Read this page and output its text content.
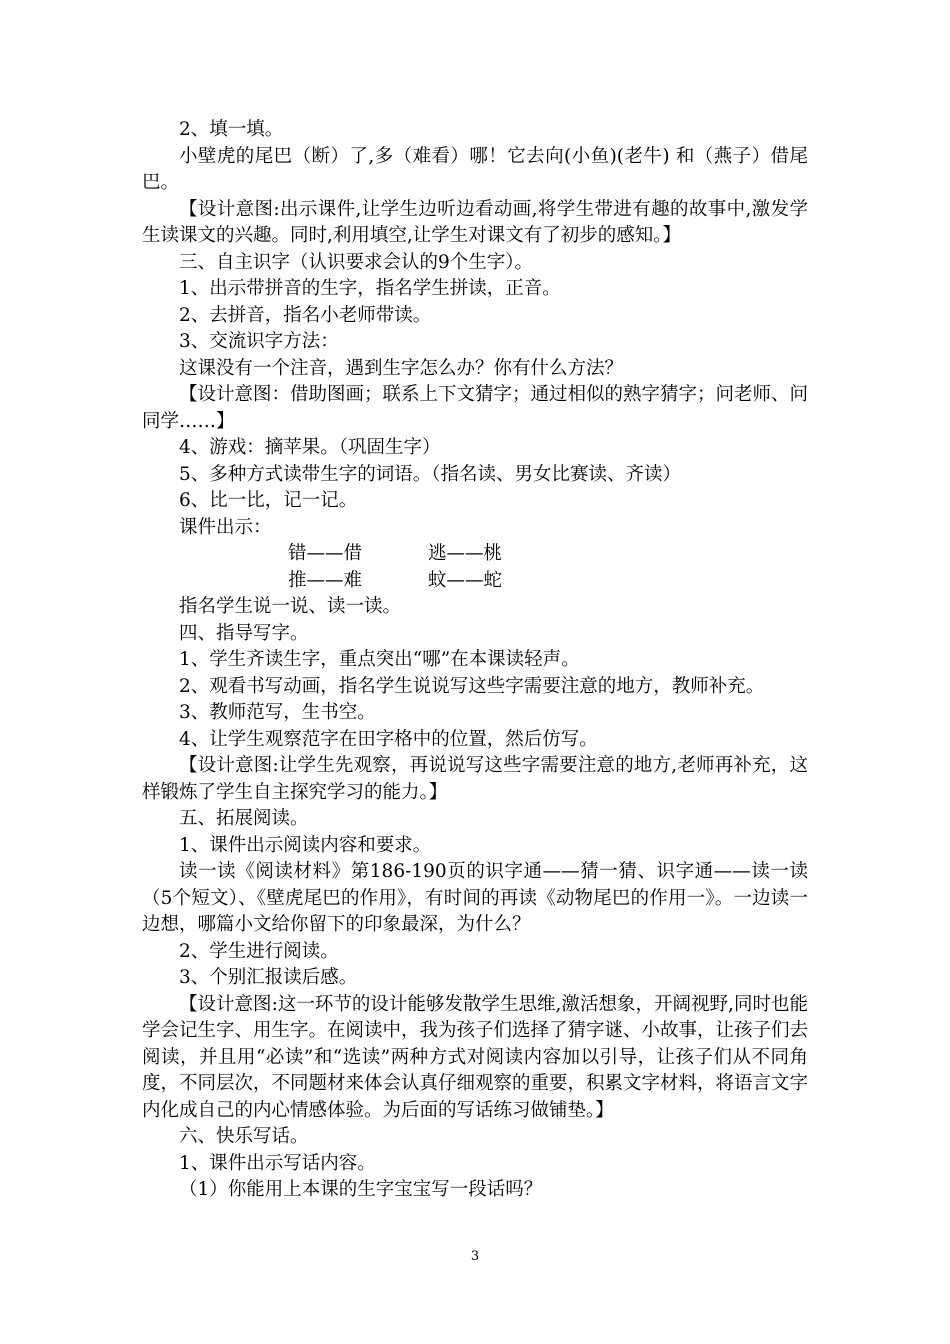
2、填一填。

小壁虎的尾巴（断）了,多（难看）哪！它去向(小鱼)(老牛) 和（燕子）借尾巴。

【设计意图:出示课件,让学生边听边看动画,将学生带进有趣的故事中,激发学生读课文的兴趣。同时,利用填空,让学生对课文有了初步的感知。】

三、自主识字（认识要求会认的9个生字）。

1、出示带拼音的生字，指名学生拼读，正音。

2、去拼音，指名小老师带读。

3、交流识字方法：

这课没有一个注音，遇到生字怎么办？你有什么方法？

【设计意图：借助图画；联系上下文猜字；通过相似的熟字猜字；问老师、问同学……】

4、游戏：摘苹果。（巩固生字）

5、多种方式读带生字的词语。（指名读、男女比赛读、齐读）

6、比一比，记一记。

课件出示：

错——借	逃——桃
推——难	蚊——蛇

指名学生说一说、读一读。

四、指导写字。

1、学生齐读生字，重点突出“哪”在本课读轻声。

2、观看书写动画，指名学生说说写这些字需要注意的地方，教师补充。

3、教师范写，生书空。

4、让学生观察范字在田字格中的位置，然后仿写。

【设计意图:让学生先观察，再说说写这些字需要注意的地方,老师再补充，这样锻炼了学生自主探究学习的能力。】

五、拓展阅读。

1、课件出示阅读内容和要求。

读一读《阅读材料》第186-190页的识字通——猜一猜、识字通——读一读（5个短文）、《壁虎尾巴的作用》，有时间的再读《动物尾巴的作用一》。一边读一边想，哪篇小文给你留下的印象最深，为什么？

2、学生进行阅读。

3、个别汇报读后感。

【设计意图:这一环节的设计能够发散学生思维,激活想象，开阔视野,同时也能学会记生字、用生字。在阅读中，我为孩子们选择了猜字谜、小故事，让孩子们去阅读，并且用“必读”和“选读”两种方式对阅读内容加以引导，让孩子们从不同角度，不同层次，不同题材来体会认真仔细观察的重要，积累文字材料，将语言文字内化成自己的内心情感体验。为后面的写话练习做铺垫。】

六、快乐写话。

1、课件出示写话内容。

（1）你能用上本课的生字宝宝写一段话吗？

3
